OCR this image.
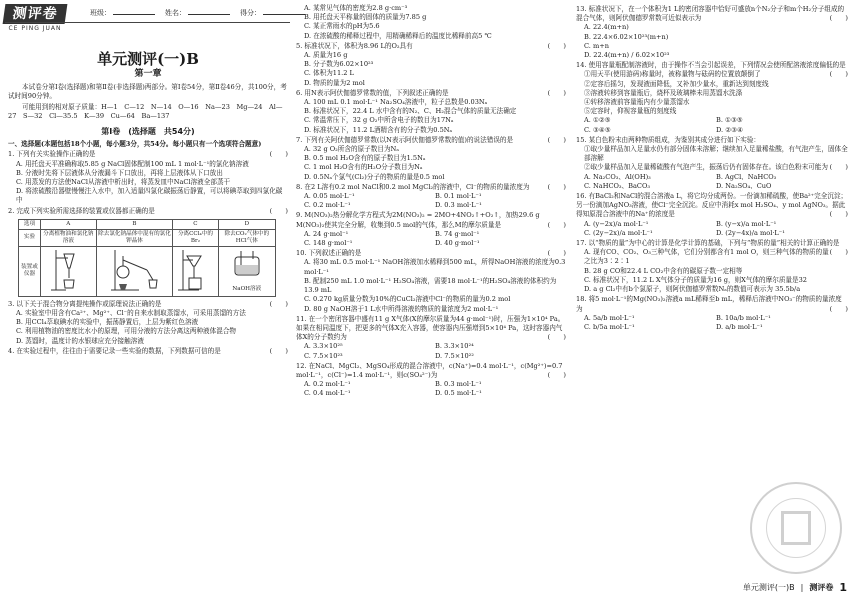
测评卷
CE PING JUAN
班级：	姓名：	得分：
单元测评(一)B
第一章
本试卷分第Ⅰ卷(选择题)和第Ⅱ卷(非选择题)两部分。第Ⅰ卷54分，第Ⅱ卷46分，共100分，考试时间90分钟。
可能用到的相对原子质量：H—1　C—12　N—14　O—16　Na—23　Mg—24　Al—27　S—32　Cl—35.5　K—39　Cu—64　Ba—137
第Ⅰ卷　(选择题　共54分)
一、选择题(本题包括18个小题，每小题3分，共54分。每小题只有一个选项符合题意)
1. 下列有关实验操作正确的是	(　　)
A. 用托盘天平准确称取5.85 g NaCl固体配制100 mL 1 mol·L⁻¹的氯化钠溶液
B. 分液时先将下层液体从分液漏斗下口放出，再将上层液体从下口放出
C. 用蒸发的方法使NaCl从溶液中析出时，将蒸发皿中NaCl溶液全部蒸干
D. 将浓硫酸沿器壁慢慢注入水中，加入适量四氯化碳振荡后静置，可以将碘萃取到四氯化碳中
2. 完成下列实验所需选择的装置或仪器都正确的是	(　　)
选项	A	B	C	D
实验	分离植物油和氯化钠溶液	除去氯化钠晶体中混有的氯化钾晶体	分离CCl₄中的Br₂	除去CO₂气体中的HCl气体
装置或仪器				NaOH溶液
3. 以下关于混合物分离提纯操作或原理说法正确的是	(　　)
A. 实验室中用含有Ca²⁺、Mg²⁺、Cl⁻的自来水制取蒸馏水，可采用蒸馏的方法
B. 用CCl₄萃取碘水的实验中，振荡静置后，上层为紫红色溶液
C. 利用植物油的密度比水小的原理，可用分液的方法分离这两种液体混合物
D. 蒸馏时，温度计的水银球应充分接触溶液
4. 在实验过程中，往往由于需要记录一些实验的数据，下列数据可信的是	(　　)
A. 某常见气体的密度为2.8 g·cm⁻³
B. 用托盘天平称量的固体的质量为7.85 g
C. 某正常雨水的pH为5.6
D. 在浓硫酸的稀释过程中，用精确稀释后的温度比稀释前高5 ℃
5. 标准状况下，体积为8.96 L的O₂具有	(　　)
A. 质量为16 g
B. 分子数为6.02×10²³
C. 体积为11.2 L
D. 物质的量为2 mol
6. 用N表示阿伏伽德罗常数的值，下列叙述正确的是	(　　)
A. 100 mL 0.1 mol·L⁻¹ Na₂SO₄溶液中，粒子总数是0.03Nₐ
B. 标准状况下，22.4 L 水中含有的N₂、C、H₂混合气体的质量无法确定
C. 常温常压下，32 g O₂中所含电子的数目为17Nₐ
D. 标准状况下，11.2 L酒精含有的分子数为0.5Nₐ
7. 下列有关阿伏伽德罗常数(以N表示阿伏伽德罗常数的值)的说法错误的是	(　　)
A. 32 g O₂所含的原子数目为Nₐ
B. 0.5 mol H₂O含有的原子数目为1.5Nₐ
C. 1 mol H₂O含有的H₂O分子数目为Nₐ
D. 0.5Nₐ个氯气(Cl₂)分子的物质的量是0.5 mol
8. 在2 L溶有0.2 mol NaCl和0.2 mol MgCl₂的溶液中，Cl⁻的物质的量浓度为	(　　)
A. 0.05 mol·L⁻¹	B. 0.1 mol·L⁻¹
C. 0.2 mol·L⁻¹	D. 0.3 mol·L⁻¹
9. M(NO₃)₂热分解化学方程式为2M(NO₃)₂ = 2MO+4NO₂↑+O₂↑，加热29.6 g M(NO₃)₂使其完全分解，收集到0.5 mol的气体，那么M的摩尔质量是	(　　)
A. 24 g·mol⁻¹	B. 74 g·mol⁻¹
C. 148 g·mol⁻¹	D. 40 g·mol⁻¹
10. 下列叙述正确的是	(　　)
A. 将30 mL 0.5 mol·L⁻¹ NaOH溶液加水稀释到500 mL，所得NaOH溶液的浓度为0.3 mol·L⁻¹
B. 配制250 mL 1.0 mol·L⁻¹ H₂SO₄溶液，需要18 mol·L⁻¹的H₂SO₄溶液的体积约为13.9 mL
C. 0.270 kg质量分数为10%的CuCl₂溶液中Cl⁻的物质的量为0.2 mol
D. 80 g NaOH溶于1 L水中所得溶液的物质的量浓度为2 mol·L⁻¹
11. 在一个密闭容器中盛有11 g X气体(X的摩尔质量为44 g·mol⁻¹)时，压强为1×10⁴ Pa。如果在相同温度下，把更多的气体X充入容器，使容器内压强增到5×10⁴ Pa，这时容器内气体X的分子数约为	(　　)
A. 3.3×10²⁵	B. 3.3×10²⁴
C. 7.5×10²³	D. 7.5×10²²
12. 在NaCl、MgCl₂、MgSO₄形成的混合溶液中，c(Na⁺)=0.4 mol·L⁻¹，c(Mg²⁺)=0.7 mol·L⁻¹，c(Cl⁻)=1.4 mol·L⁻¹，则c(SO₄²⁻)为	(　　)
A. 0.2 mol·L⁻¹	B. 0.3 mol·L⁻¹
C. 0.4 mol·L⁻¹	D. 0.5 mol·L⁻¹
13. 标准状况下，在一个体积为1 L的密闭容器中恰好可盛放n个N₂分子和m个H₂分子组成的混合气体，则阿伏伽德罗常数可近似表示为	(　　)
A. 22.4(m+n)
B. 22.4×6.02×10²³(m+n)
C. m+n
D. 22.4(m+n) / 6.02×10²³
14. 使用容量瓶配制溶液时，由于操作不当会引起误差，下列情况会使所配溶液浓度偏低的是
(　　)
①用天平(使用游码)称量时，被称量物与砝码的位置放颠倒了
②定容后摇匀，发现液面降低，又补加少量水，重新达到刻度线
③溶液转移到容量瓶后，烧杯及玻璃棒未用蒸馏水洗涤
④转移溶液前容量瓶内有少量蒸馏水
⑤定容时，仰视容量瓶的刻度线
A. ①②⑤	B. ①③⑤
C. ③④⑤	D. ②③④
15. 某白色粉末由两种物质组成，为鉴别其成分进行如下实验：
①取少量样品加入足量水仍有部分固体未溶解；继续加入足量稀盐酸，有气泡产生，固体全部溶解
②取少量样品加入足量稀硫酸有气泡产生，振荡后仍有固体存在。该白色粉末可能为 (　　)
A. Na₂CO₃、Al(OH)₃	B. AgCl、NaHCO₃
C. NaHCO₃、BaCO₃	D. Na₂SO₄、CuO
16. 有BaCl₂和NaCl的混合溶液a L，将它均分成两份。一份滴加稀硫酸，使Ba²⁺完全沉淀；另一份滴加AgNO₃溶液，使Cl⁻完全沉淀。反应中消耗x mol H₂SO₄、y mol AgNO₃。据此得知原混合溶液中的Na⁺的浓度是	(　　)
A. (y−2x)/a mol·L⁻¹	B. (y−x)/a mol·L⁻¹
C. (2y−2x)/a mol·L⁻¹	D. (2y−4x)/a mol·L⁻¹
17. 以“物质的量”为中心的计算是化学计算的基础，下列与“物质的量”相关的计算正确的是
(　　)
A. 现有CO、CO₂、O₃三种气体，它们分别都含有1 mol O，则三种气体的物质的量之比为3∶2∶1
B. 28 g CO和22.4 L CO₂中含有的碳原子数一定相等
C. 标准状况下，11.2 L X气体分子的质量为16 g，则X气体的摩尔质量是32
D. a g Cl₂中有b个氯原子，则阿伏伽德罗常数Nₐ的数值可表示为 35.5b/a
18. 将5 mol·L⁻¹的Mg(NO₃)₂溶液a mL稀释至b mL，稀释后溶液中NO₃⁻的物质的量浓度为	(　　)
A. 5a/b mol·L⁻¹	B. 10a/b mol·L⁻¹
C. b/5a mol·L⁻¹	D. a/b mol·L⁻¹
单元测评(一)B | 测评卷 1
